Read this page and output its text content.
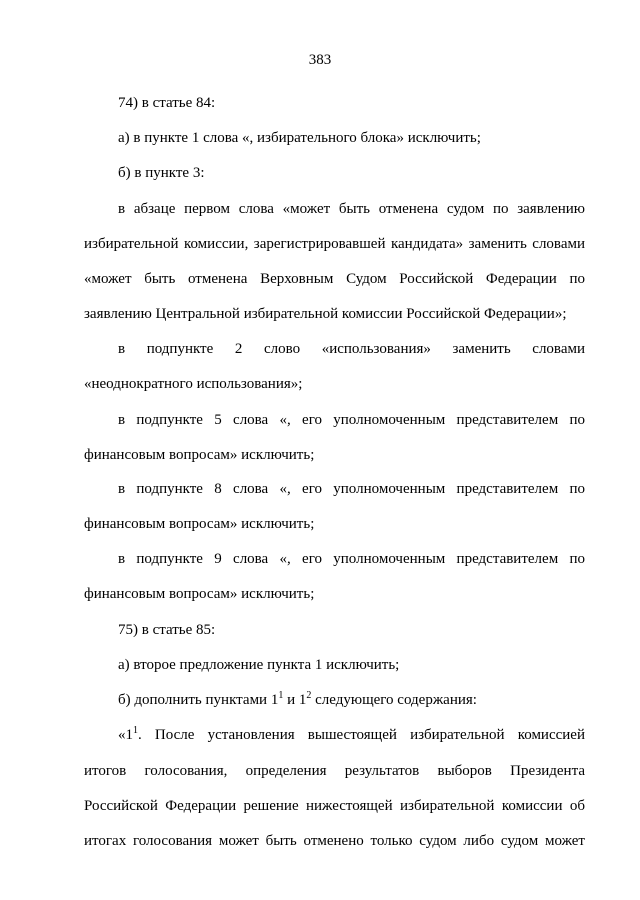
383
74) в статье 84:
а) в пункте 1 слова «, избирательного блока» исключить;
б) в пункте 3:
в абзаце первом слова «может быть отменена судом по заявлению
избирательной комиссии, зарегистрировавшей кандидата» заменить словами
«может быть отменена Верховным Судом Российской Федерации по
заявлению Центральной избирательной комиссии Российской Федерации»;
в подпункте 2 слово «использования» заменить словами
«неоднократного использования»;
в подпункте 5 слова «, его уполномоченным представителем по
финансовым вопросам» исключить;
в подпункте 8 слова «, его уполномоченным представителем по
финансовым вопросам» исключить;
в подпункте 9 слова «, его уполномоченным представителем по
финансовым вопросам» исключить;
75) в статье 85:
а) второе предложение пункта 1 исключить;
б) дополнить пунктами $1^1$ и $1^2$ следующего содержания:
«$1^1$. После установления вышестоящей избирательной комиссией
итогов голосования, определения результатов выборов Президента
Российской Федерации решение нижестоящей избирательной комиссии об
итогах голосования может быть отменено только судом либо судом может
